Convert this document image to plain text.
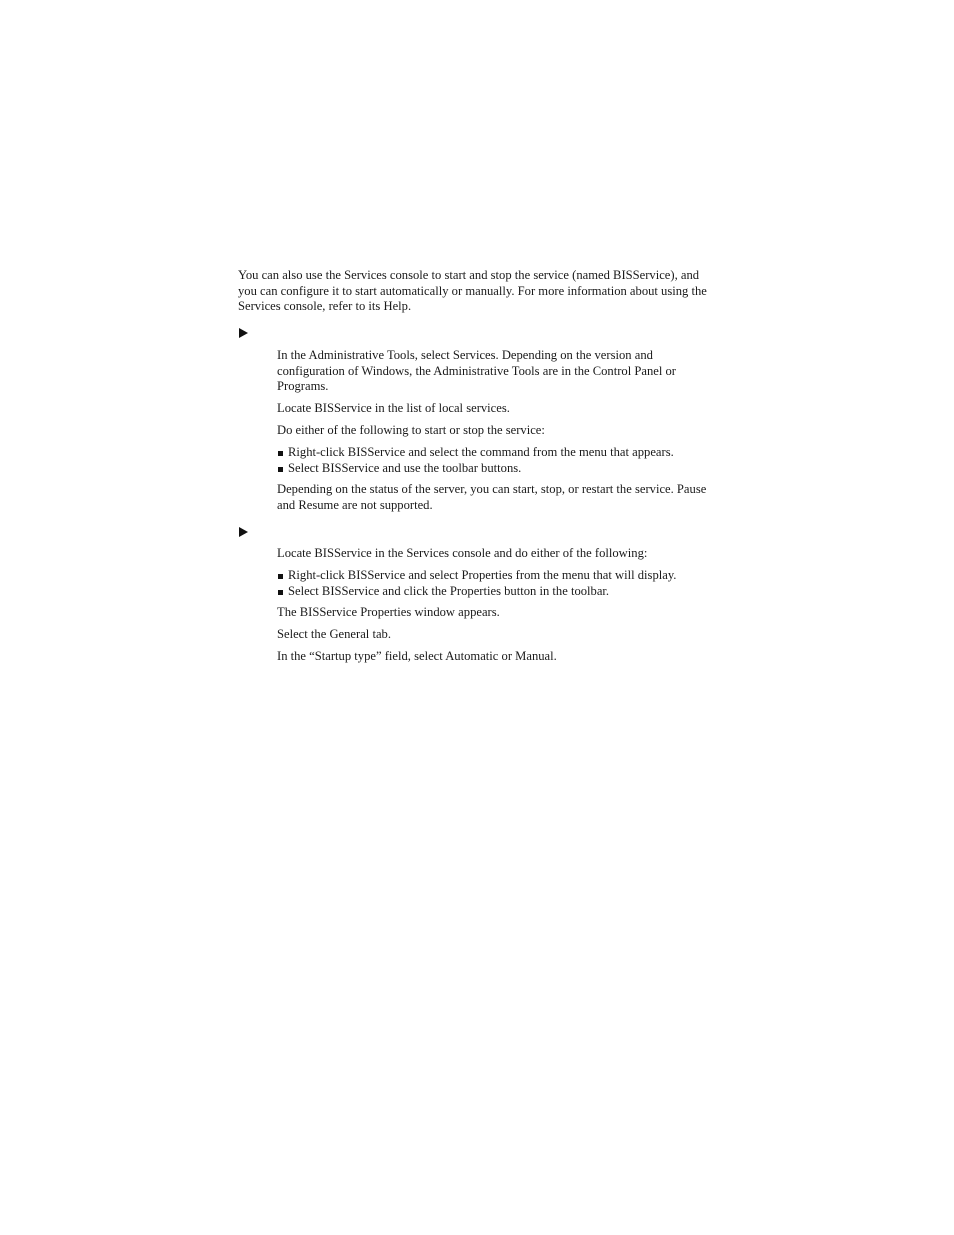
You can also use the Services console to start and stop the service (named BISService), and you can configure it to start automatically or manually. For more information about using the Services console, refer to its Help.

In the Administrative Tools, select Services. Depending on the version and configuration of Windows, the Administrative Tools are in the Control Panel or Programs.

Locate BISService in the list of local services.

Do either of the following to start or stop the service:

Right-click BISService and select the command from the menu that appears.
Select BISService and use the toolbar buttons.

Depending on the status of the server, you can start, stop, or restart the service. Pause and Resume are not supported.

Locate BISService in the Services console and do either of the following:

Right-click BISService and select Properties from the menu that will display.
Select BISService and click the Properties button in the toolbar.

The BISService Properties window appears.

Select the General tab.

In the “Startup type” field, select Automatic or Manual.
